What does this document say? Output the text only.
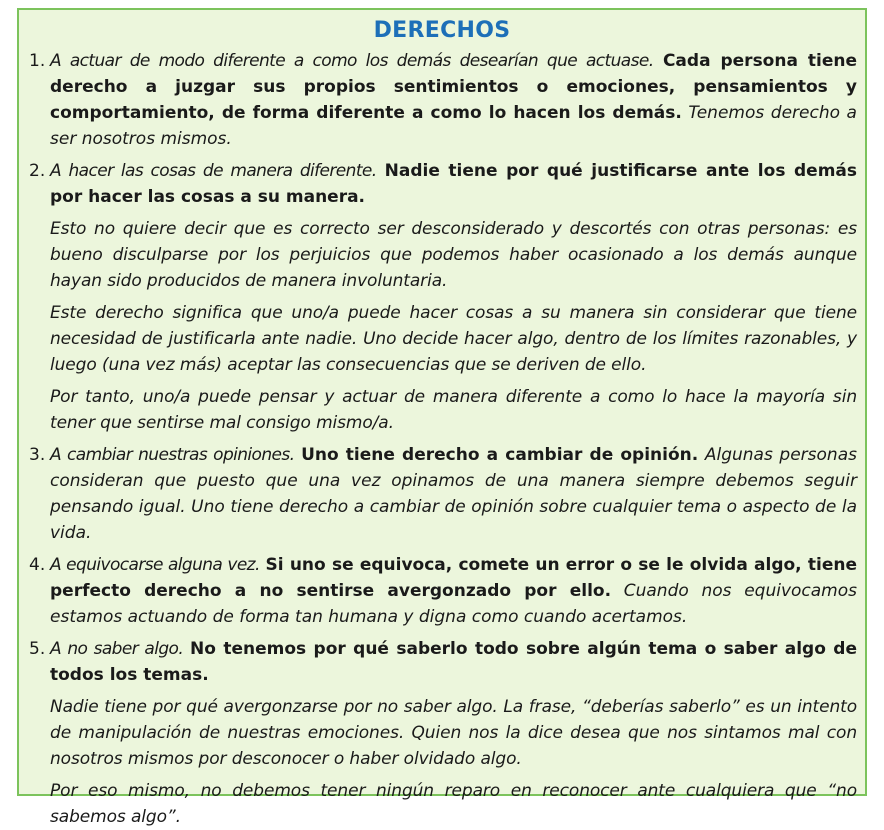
DERECHOS
1. A actuar de modo diferente a como los demás desearían que actuase. Cada persona tiene derecho a juzgar sus propios sentimientos o emociones, pensamientos y comportamiento, de forma diferente a como lo hacen los demás. Tenemos derecho a ser nosotros mismos.

2. A hacer las cosas de manera diferente. Nadie tiene por qué justificarse ante los demás por hacer las cosas a su manera.

Esto no quiere decir que es correcto ser desconsiderado y descortés con otras personas: es bueno disculparse por los perjuicios que podemos haber ocasionado a los demás aunque hayan sido producidos de manera involuntaria.

Este derecho significa que uno/a puede hacer cosas a su manera sin considerar que tiene necesidad de justificarla ante nadie. Uno decide hacer algo, dentro de los límites razonables, y luego (una vez más) aceptar las consecuencias que se deriven de ello.

Por tanto, uno/a puede pensar y actuar de manera diferente a como lo hace la mayoría sin tener que sentirse mal consigo mismo/a.

3. A cambiar nuestras opiniones. Uno tiene derecho a cambiar de opinión. Algunas personas consideran que puesto que una vez opinamos de una manera siempre debemos seguir pensando igual. Uno tiene derecho a cambiar de opinión sobre cualquier tema o aspecto de la vida.

4. A equivocarse alguna vez. Si uno se equivoca, comete un error o se le olvida algo, tiene perfecto derecho a no sentirse avergonzado por ello. Cuando nos equivocamos estamos actuando de forma tan humana y digna como cuando acertamos.

5. A no saber algo. No tenemos por qué saberlo todo sobre algún tema o saber algo de todos los temas.

Nadie tiene por qué avergonzarse por no saber algo. La frase, “deberías saberlo” es un intento de manipulación de nuestras emociones. Quien nos la dice desea que nos sintamos mal con nosotros mismos por desconocer o haber olvidado algo.

Por eso mismo, no debemos tener ningún reparo en reconocer ante cualquiera que “no sabemos algo”.
